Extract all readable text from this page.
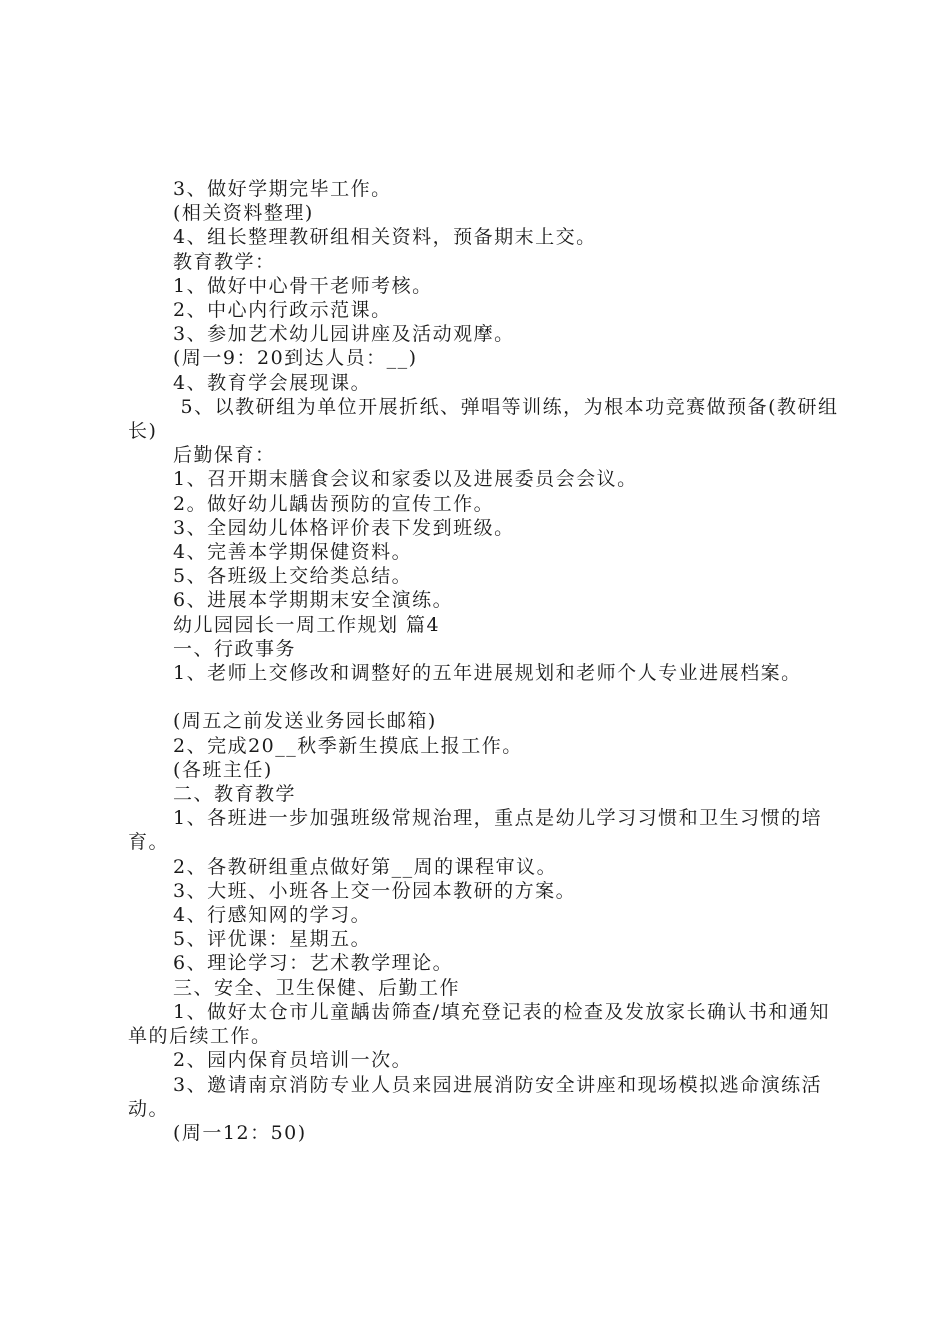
3、做好学期完毕工作。

(相关资料整理)

4、组长整理教研组相关资料，预备期末上交。

教育教学：

1、做好中心骨干老师考核。

2、中心内行政示范课。

3、参加艺术幼儿园讲座及活动观摩。

(周一9：20到达人员：__)

4、教育学会展现课。

5、以教研组为单位开展折纸、弹唱等训练，为根本功竞赛做预备(教研组长)

后勤保育：

1、召开期末膳食会议和家委以及进展委员会会议。

2。做好幼儿龋齿预防的宣传工作。

3、全园幼儿体格评价表下发到班级。

4、完善本学期保健资料。

5、各班级上交给类总结。

6、进展本学期期末安全演练。

幼儿园园长一周工作规划 篇4

一、行政事务

1、老师上交修改和调整好的五年进展规划和老师个人专业进展档案。

(周五之前发送业务园长邮箱)

2、完成20__秋季新生摸底上报工作。

(各班主任)

二、教育教学

1、各班进一步加强班级常规治理，重点是幼儿学习习惯和卫生习惯的培育。

2、各教研组重点做好第__周的课程审议。

3、大班、小班各上交一份园本教研的方案。

4、行感知网的学习。

5、评优课：星期五。

6、理论学习：艺术教学理论。

三、安全、卫生保健、后勤工作

1、做好太仓市儿童龋齿筛查/填充登记表的检查及发放家长确认书和通知单的后续工作。

2、园内保育员培训一次。

3、邀请南京消防专业人员来园进展消防安全讲座和现场模拟逃命演练活动。

(周一12：50)
